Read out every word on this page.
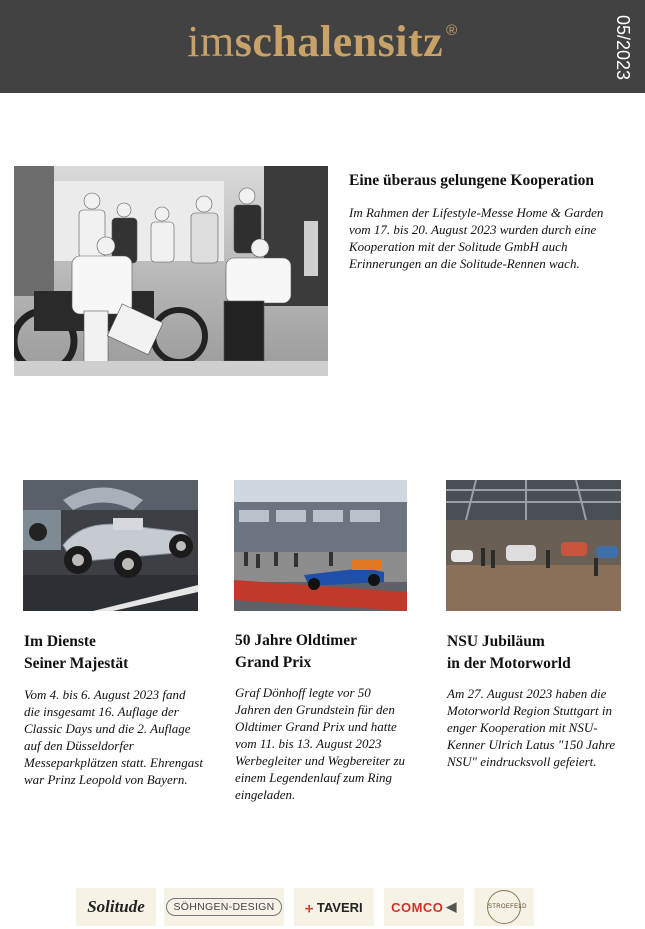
imschalensitz ®	05/2023
Eine überaus gelungene Kooperation
Im Rahmen der Lifestyle-Messe Home & Garden vom 17. bis 20. August 2023 wurden durch eine Kooperation mit der Solitude GmbH auch Erinnerungen an die Solitude-Rennen wach.
Im Dienste
Seiner Majestät
Vom 4. bis 6. August 2023 fand die insgesamt 16. Auflage der Classic Days und die 2. Auflage auf den Düsseldorfer Messeparkplätzen statt. Ehrengast war Prinz Leopold von Bayern.
50 Jahre Oldtimer
Grand Prix
Graf Dönhoff legte vor 50 Jahren den Grundstein für den Oldtimer Grand Prix und hatte vom 11. bis 13. August 2023 Werbegleiter und Wegbereiter zu einem Legendenlauf zum Ring eingeladen.
NSU Jubiläum
in der Motorworld
Am 27. August 2023 haben die Motorworld Region Stuttgart in enger Kooperation mit NSU-Kenner Ulrich Latus "150 Jahre NSU" eindrucksvoll gefeiert.
Solitude	SÖHNGEN-DESIGN	⧾ TAVERI COMCO ◀	STROEFELD
